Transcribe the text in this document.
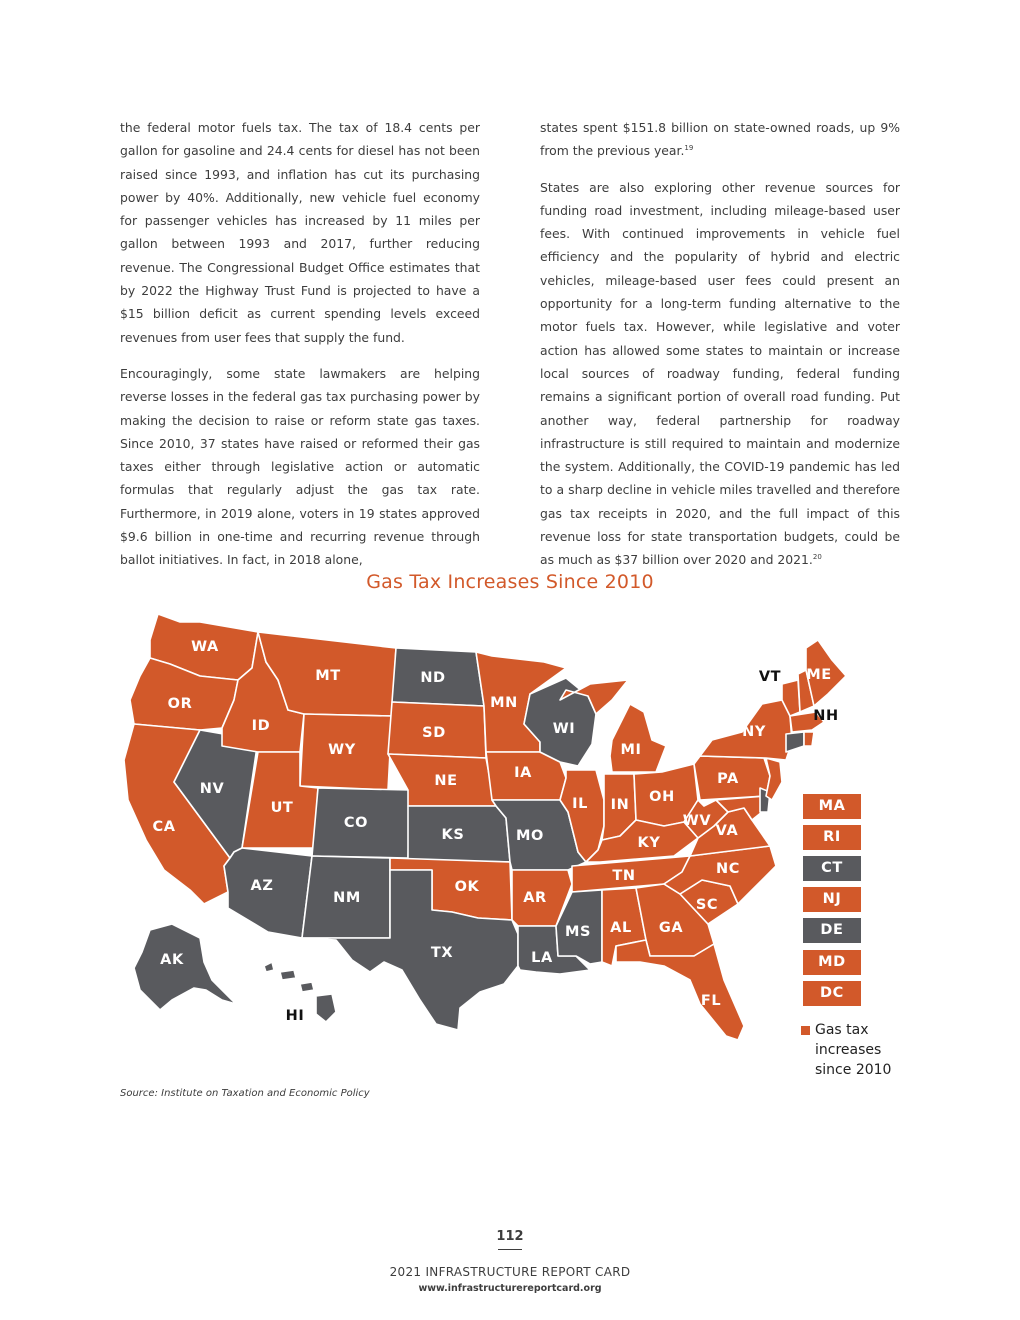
the federal motor fuels tax. The tax of 18.4 cents per gallon for gasoline and 24.4 cents for diesel has not been raised since 1993, and inflation has cut its purchasing power by 40%. Additionally, new vehicle fuel economy for passenger vehicles has increased by 11 miles per gallon between 1993 and 2017, further reducing revenue. The Congressional Budget Office estimates that by 2022 the Highway Trust Fund is projected to have a $15 billion deficit as current spending levels exceed revenues from user fees that supply the fund.

Encouragingly, some state lawmakers are helping reverse losses in the federal gas tax purchasing power by making the decision to raise or reform state gas taxes. Since 2010, 37 states have raised or reformed their gas taxes either through legislative action or automatic formulas that regularly adjust the gas tax rate. Furthermore, in 2019 alone, voters in 19 states approved $9.6 billion in one-time and recurring revenue through ballot initiatives. In fact, in 2018 alone,

states spent $151.8 billion on state-owned roads, up 9% from the previous year.$^{19}$

States are also exploring other revenue sources for funding road investment, including mileage-based user fees. With continued improvements in vehicle fuel efficiency and the popularity of hybrid and electric vehicles, mileage-based user fees could present an opportunity for a long-term funding alternative to the motor fuels tax. However, while legislative and voter action has allowed some states to maintain or increase local sources of roadway funding, federal funding remains a significant portion of overall road funding. Put another way, federal partnership for roadway infrastructure is still required to maintain and modernize the system. Additionally, the COVID-19 pandemic has led to a sharp decline in vehicle miles travelled and therefore gas tax receipts in 2020, and the full impact of this revenue loss for state transportation budgets, could be as much as $37 billion over 2020 and 2021.20

Gas Tax Increases Since 2010
WA
OR
CA
ID
NV
MT
WY
UT
CO
AZ
NM
ND
SD
NE
KS
OK
TX
MN
IA
MO
AR
LA
WI
IL
MS
MI
IN
KY
TN
AL
OH
GA
FL
SC
NC
WV
VA
PA
NY
VT
NH
ME
AK
HI
MA
RI
CT
NJ
DE
MD
DC
Gas tax increases since 2010
Source: Institute on Taxation and Economic Policy
112
2021 INFRASTRUCTURE REPORT CARD
www.infrastructurereportcard.org
